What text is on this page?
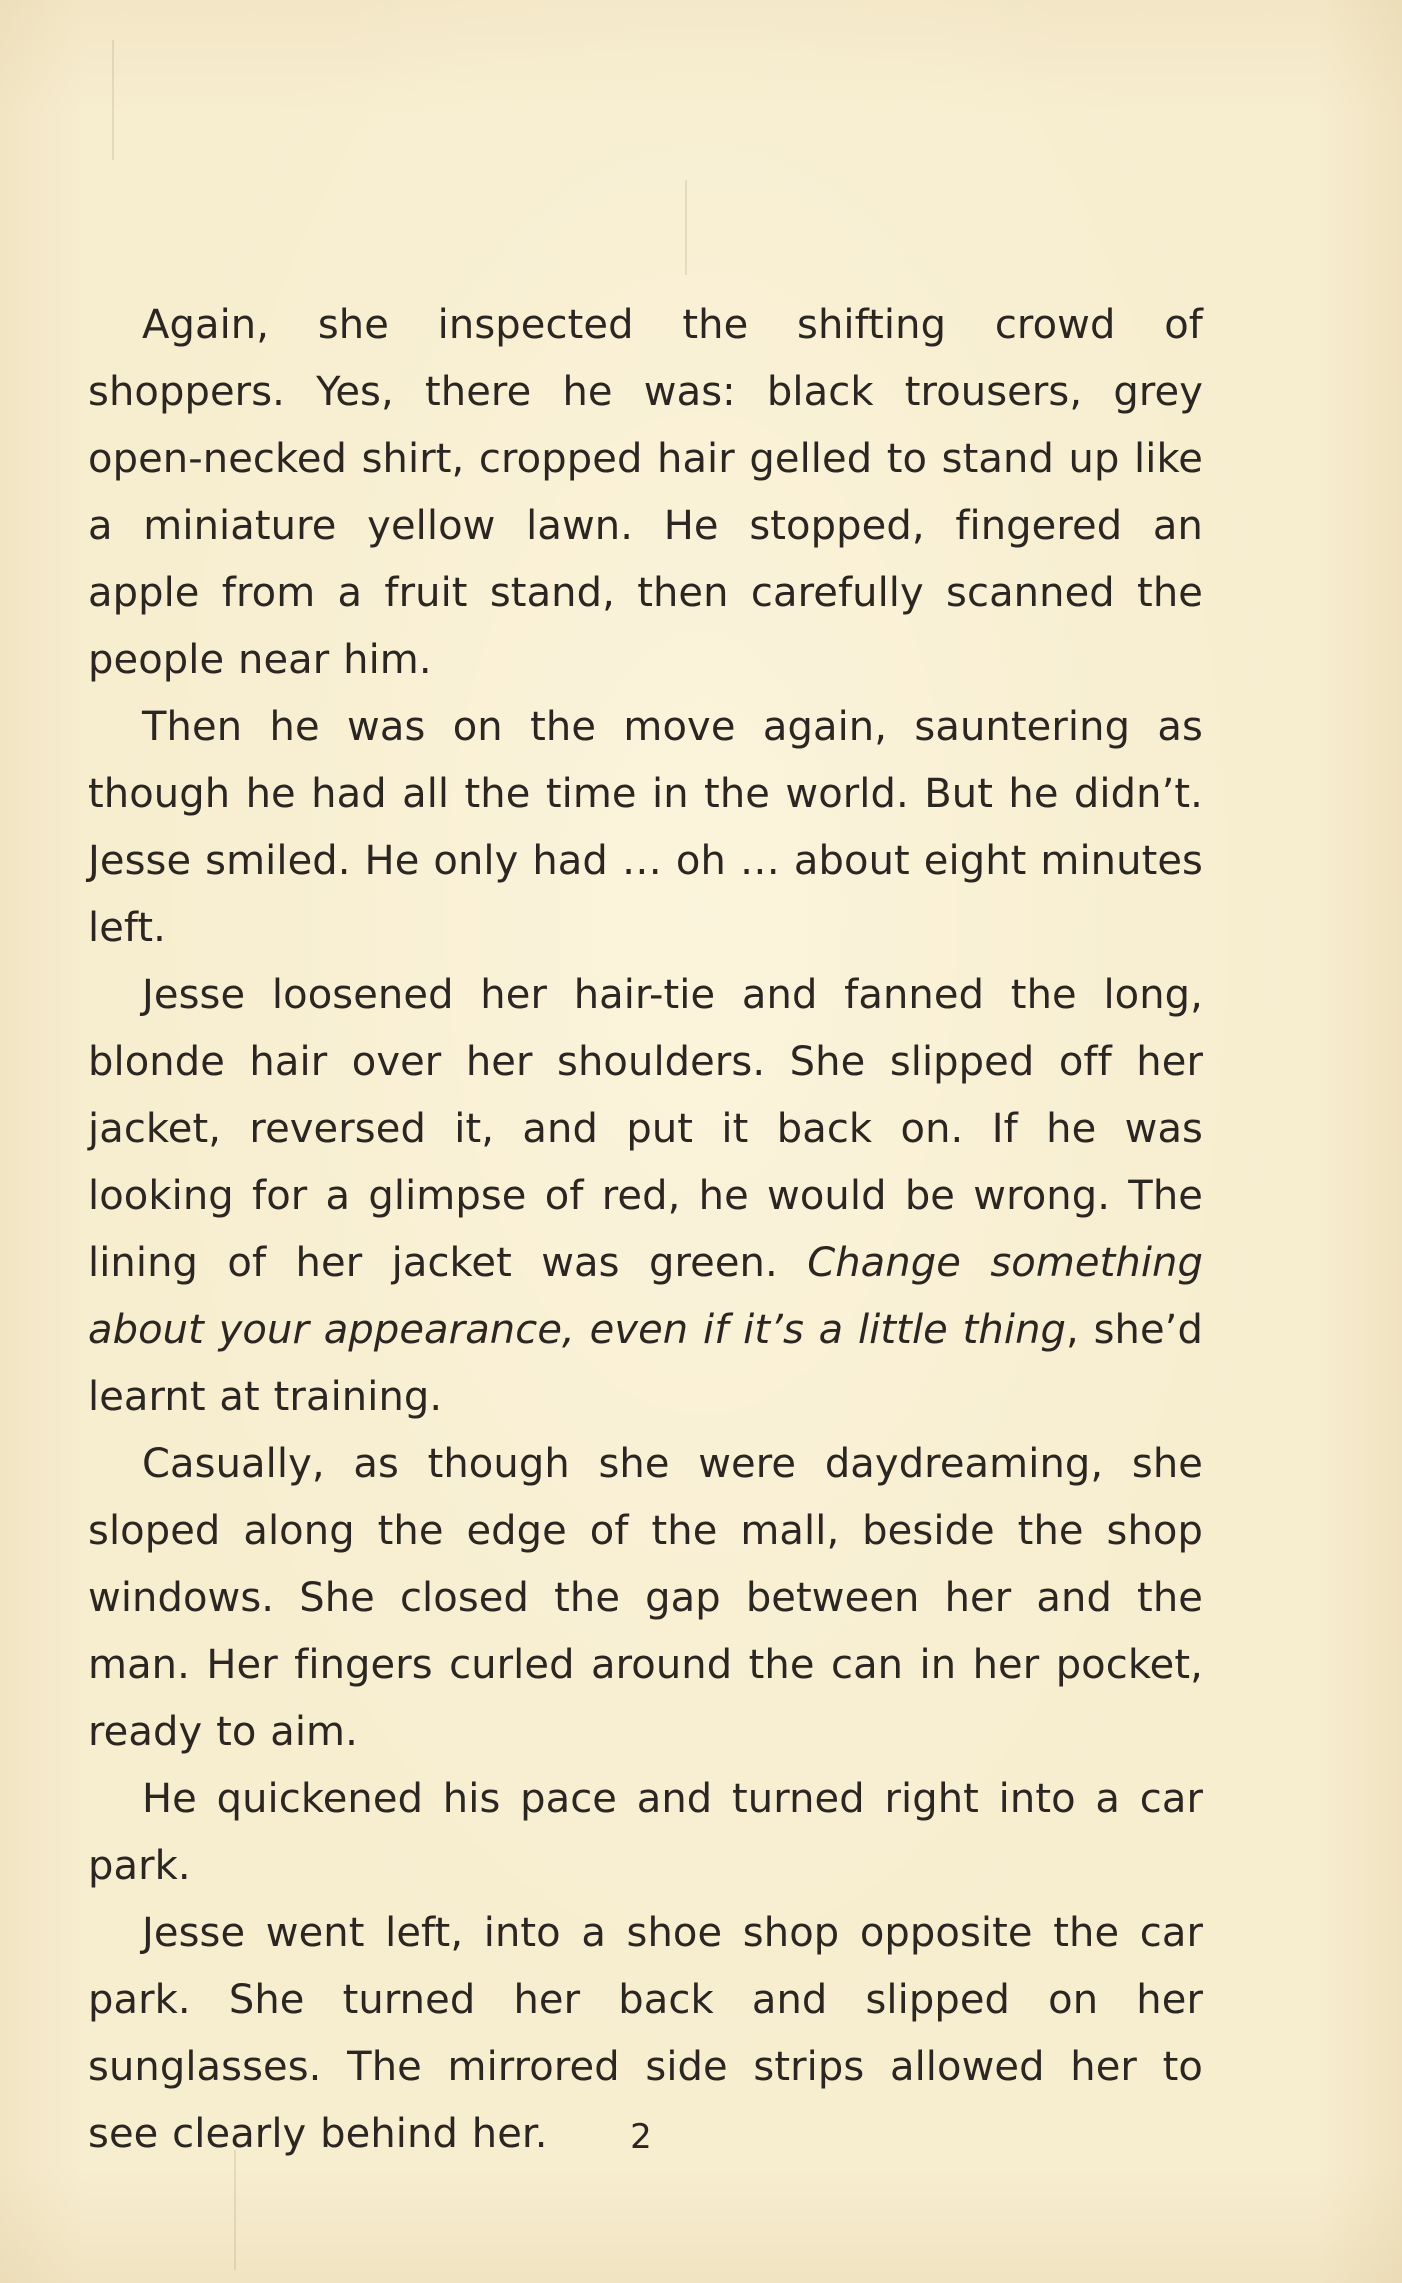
Again, she inspected the shifting crowd of shoppers. Yes, there he was: black trousers, grey open-necked shirt, cropped hair gelled to stand up like a miniature yellow lawn. He stopped, fingered an apple from a fruit stand, then carefully scanned the people near him.

Then he was on the move again, sauntering as though he had all the time in the world. But he didn’t. Jesse smiled. He only had … oh … about eight minutes left.

Jesse loosened her hair-tie and fanned the long, blonde hair over her shoulders. She slipped off her jacket, reversed it, and put it back on. If he was looking for a glimpse of red, he would be wrong. The lining of her jacket was green. Change something about your appearance, even if it’s a little thing, she’d learnt at training.

Casually, as though she were daydreaming, she sloped along the edge of the mall, beside the shop windows. She closed the gap between her and the man. Her fingers curled around the can in her pocket, ready to aim.

He quickened his pace and turned right into a car park.

Jesse went left, into a shoe shop opposite the car park. She turned her back and slipped on her sunglasses. The mirrored side strips allowed her to see clearly behind her.	2
